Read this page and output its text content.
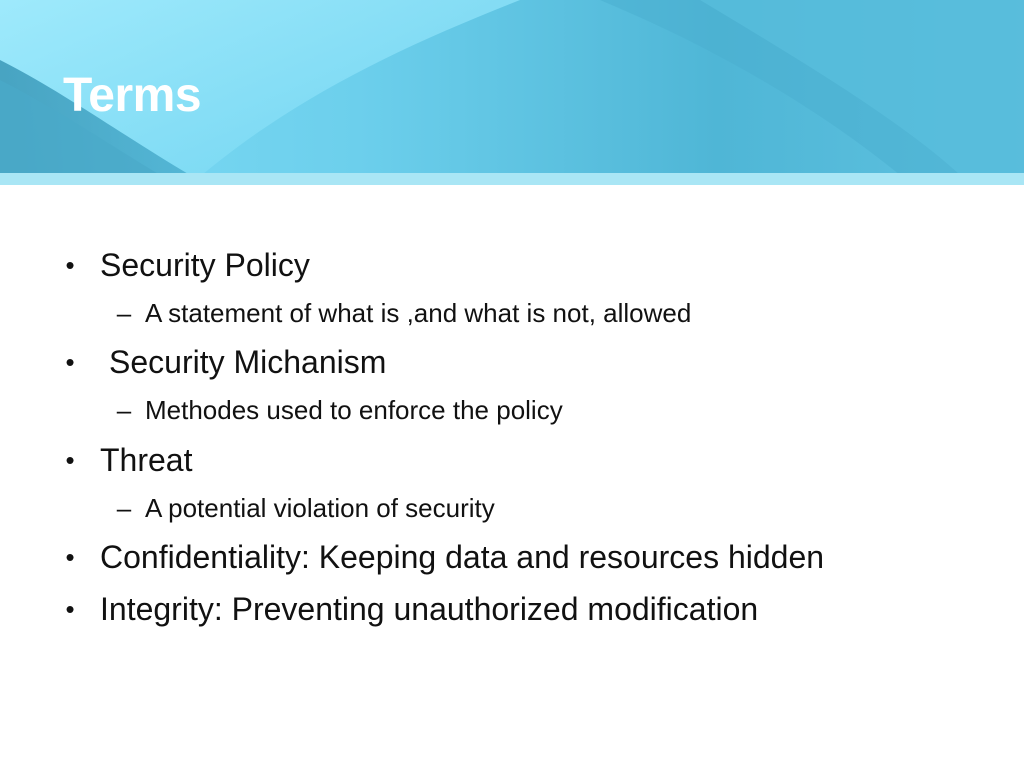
Terms
• Security Policy
– A statement of what is ,and what is not, allowed
• Security Michanism
– Methodes used to enforce the policy
• Threat
– A potential violation of security
• Confidentiality: Keeping data and resources hidden
• Integrity: Preventing unauthorized modification
